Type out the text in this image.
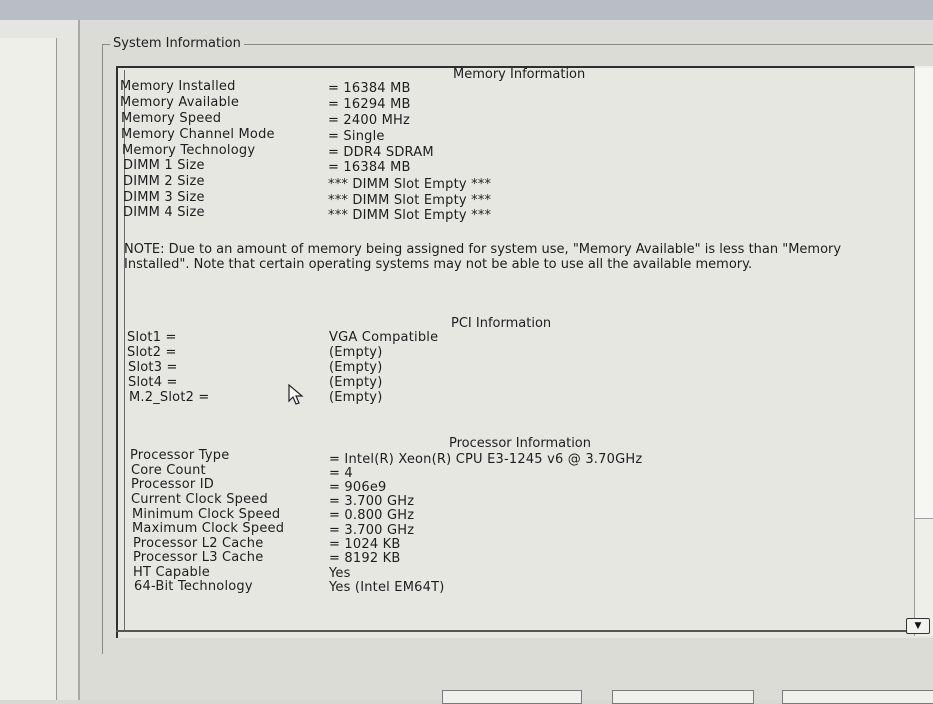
System Information
▼
Memory Information
Memory Installed	= 16384 MB
Memory Available	= 16294 MB
Memory Speed	= 2400 MHz
Memory Channel Mode	= Single
Memory Technology	= DDR4 SDRAM
DIMM 1 Size	= 16384 MB
DIMM 2 Size	*** DIMM Slot Empty ***
DIMM 3 Size	*** DIMM Slot Empty ***
DIMM 4 Size	*** DIMM Slot Empty ***
NOTE: Due to an amount of memory being assigned for system use, "Memory Available" is less than "Memory Installed". Note that certain operating systems may not be able to use all the available memory.
PCI Information
Slot1 =	VGA Compatible
Slot2 =	(Empty)
Slot3 =	(Empty)
Slot4 =	(Empty)
M.2_Slot2 =	(Empty)
Processor Information
Processor Type	= Intel(R) Xeon(R) CPU E3-1245 v6 @ 3.70GHz
Core Count	= 4
Processor ID	= 906e9
Current Clock Speed	= 3.700 GHz
Minimum Clock Speed	= 0.800 GHz
Maximum Clock Speed	= 3.700 GHz
Processor L2 Cache	= 1024 KB
Processor L3 Cache	= 8192 KB
HT Capable	Yes
64-Bit Technology	Yes (Intel EM64T)
